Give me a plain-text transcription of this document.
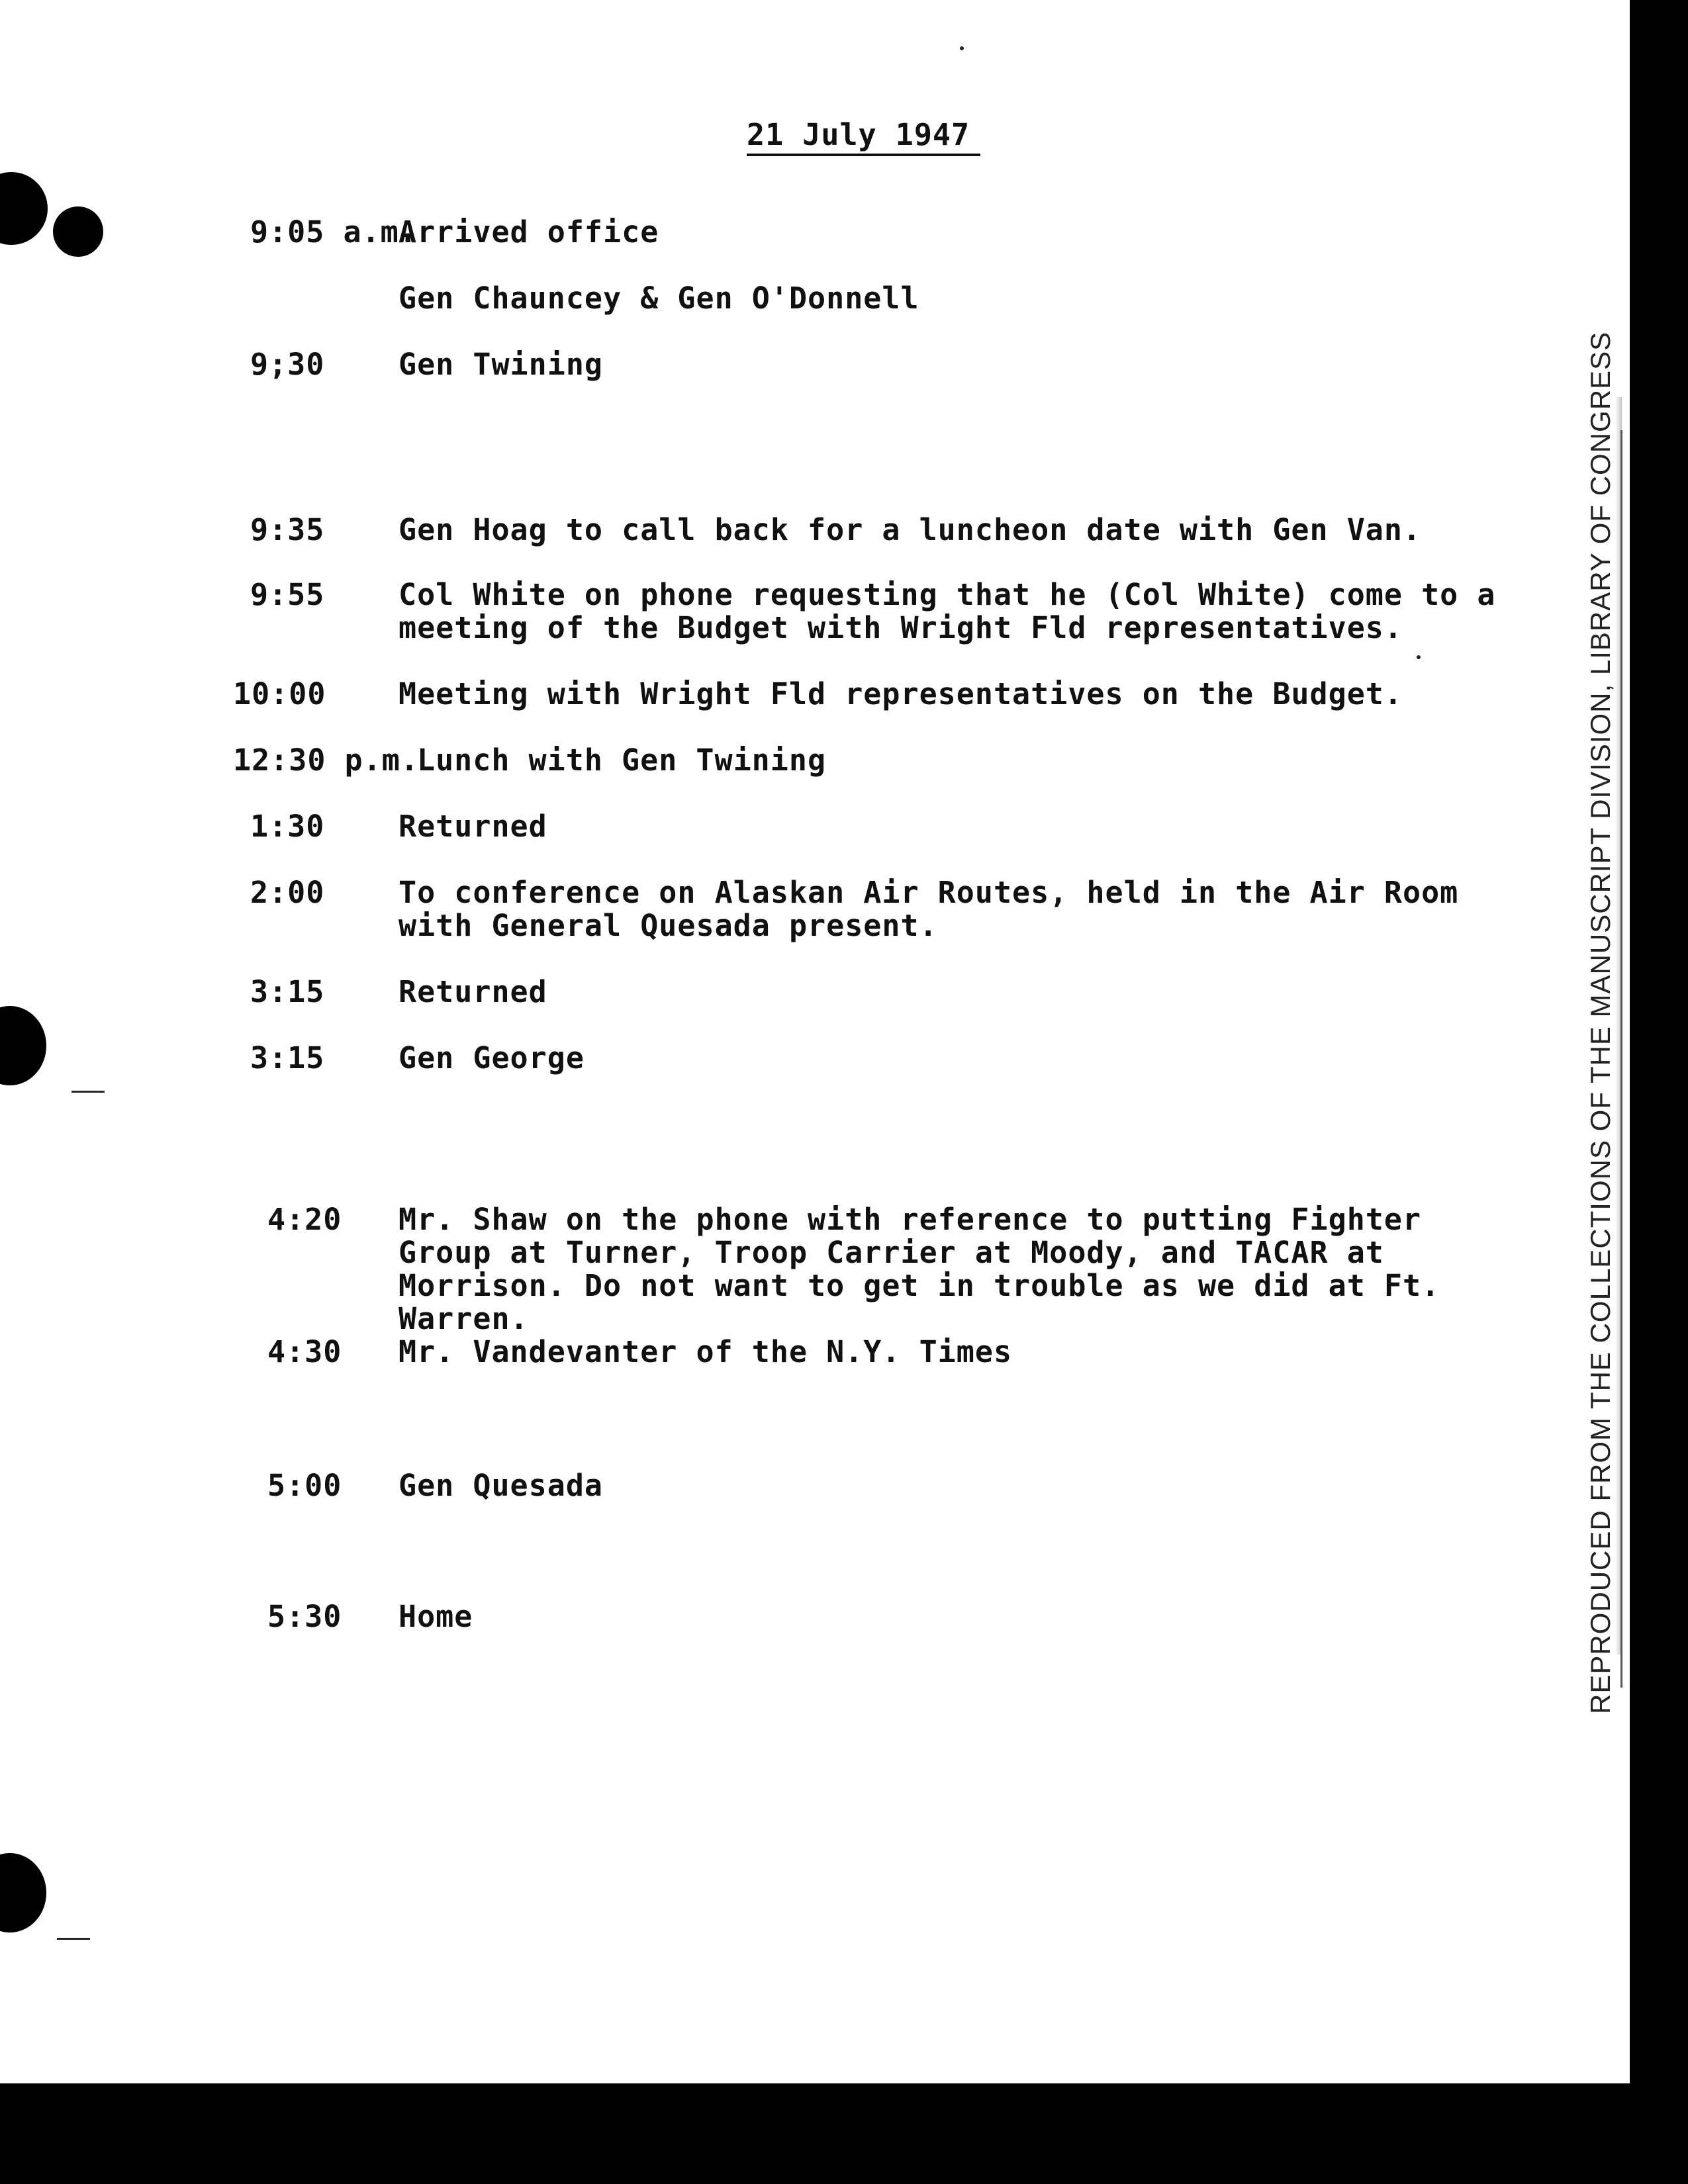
21 July 1947
9:05 a.m.
Arrived office
Gen Chauncey & Gen O'Donnell
9;30 Gen Twining
9:35 Gen Hoag to call back for a luncheon date with Gen Van.
9:55 Col White on phone requesting that he (Col White) come to a meeting of the Budget with Wright Fld representatives.
10:00 Meeting with Wright Fld representatives on the Budget.
12:30 p.m.
Lunch with Gen Twining
1:30 Returned
2:00 To conference on Alaskan Air Routes, held in the Air Room with General Quesada present.
3:15 Returned
3:15 Gen George
4:20 Mr. Shaw on the phone with reference to putting Fighter Group at Turner, Troop Carrier at Moody, and TACAR at Morrison. Do not want to get in trouble as we did at Ft. Warren.
4:30 Mr. Vandevanter of the N.Y. Times
5:00 Gen Quesada
5:30 Home	REPRODUCED FROM THE COLLECTIONS OF THE MANUSCRIPT DIVISION, LIBRARY OF CONGRESS
